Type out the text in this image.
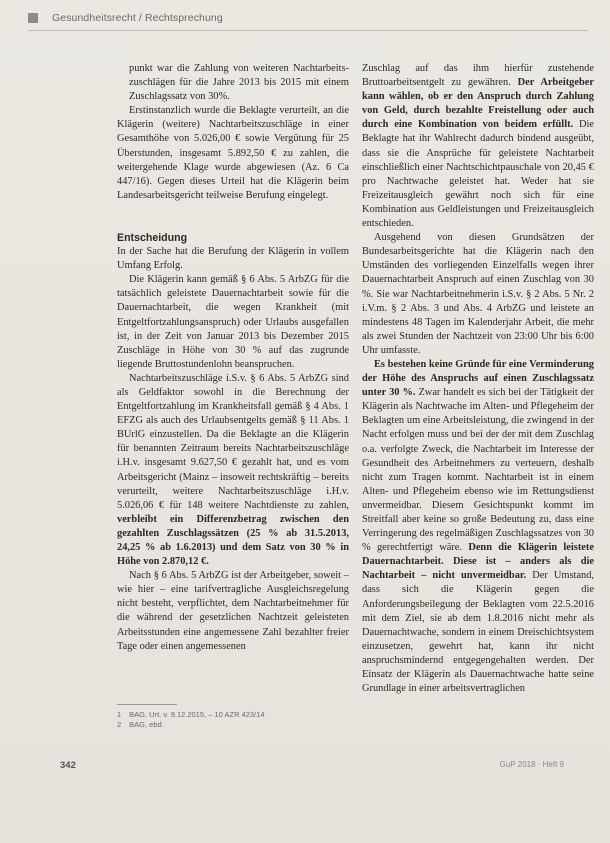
Gesundheitsrecht / Rechtsprechung

punkt war die Zahlung von weiteren Nachtarbeits-zuschlägen für die Jahre 2013 bis 2015 mit einem Zuschlagssatz von 30%.

Erstinstanzlich wurde die Beklagte verurteilt, an die Klägerin (weitere) Nachtarbeitszuschläge in einer Gesamthöhe von 5.026,00 € sowie Vergütung für 25 Überstunden, insgesamt 5.892,50 € zu zahlen, die weitergehende Klage wurde abgewiesen (Az. 6 Ca 447/16). Gegen dieses Urteil hat die Klägerin beim Landesarbeitsgericht teilweise Berufung eingelegt.

Entscheidung

In der Sache hat die Berufung der Klägerin in vollem Umfang Erfolg.

Die Klägerin kann gemäß § 6 Abs. 5 ArbZG für die tatsächlich geleistete Dauernachtarbeit sowie für die Dauernachtarbeit, die wegen Krankheit (mit Entgeltfortzahlungsanspruch) oder Urlaubs ausgefallen ist, in der Zeit von Januar 2013 bis Dezember 2015 Zuschläge in Höhe von 30 % auf das zugrunde liegende Bruttostundenlohn beanspruchen.

Nachtarbeitszuschläge i.S.v. § 6 Abs. 5 ArbZG sind als Geldfaktor sowohl in die Berechnung der Entgeltfortzahlung im Krankheitsfall gemäß § 4 Abs. 1 EFZG als auch des Urlaubsentgelts gemäß § 11 Abs. 1 BUrlG einzustellen. Da die Beklagte an die Klägerin für benannten Zeitraum bereits Nachtarbeitszuschläge i.H.v. insgesamt 9.627,50 € gezahlt hat, und es vom Arbeitsgericht (Mainz – insoweit rechtskräftig – bereits verurteilt, weitere Nachtarbeitszuschläge i.H.v. 5.026,06 € für 148 weitere Nachtdienste zu zahlen, verbleibt ein Differenzbetrag zwischen den gezahlten Zuschlagssätzen (25 % ab 31.5.2013, 24,25 % ab 1.6.2013) und dem Satz von 30 % in Höhe von 2.870,12 €.

Nach § 6 Abs. 5 ArbZG ist der Arbeitgeber, soweit – wie hier – eine tarifvertragliche Ausgleichsregelung nicht besteht, verpflichtet, dem Nachtarbeitnehmer für die während der gesetzlichen Nachtzeit geleisteten Arbeitsstunden eine angemessene Zahl bezahlter freier Tage oder einen angemessenen

Zuschlag auf das ihm hierfür zustehende Bruttoarbeitsentgelt zu gewähren. Der Arbeitgeber kann wählen, ob er den Anspruch durch Zahlung von Geld, durch bezahlte Freistellung oder auch durch eine Kombination von beidem erfüllt. Die Beklagte hat ihr Wahlrecht dadurch bindend ausgeübt, dass sie die Ansprüche für geleistete Nachtarbeit einschließlich einer Nachtschichtpauschale von 20,45 € pro Nachtwache geleistet hat. Weder hat sie Freizeitausgleich gewährt noch sich für eine Kombination aus Geldleistungen und Freizeitausgleich entschieden.

Ausgehend von diesen Grundsätzen der Bundesarbeitsgerichte hat die Klägerin nach den Umständen des vorliegenden Einzelfalls wegen ihrer Dauernachtarbeit Anspruch auf einen Zuschlag von 30 %. Sie war Nachtarbeitnehmerin i.S.v. § 2 Abs. 5 Nr. 2 i.V.m. § 2 Abs. 3 und Abs. 4 ArbZG und leistete an mindestens 48 Tagen im Kalenderjahr Arbeit, die mehr als zwei Stunden der Nachtzeit von 23:00 Uhr bis 6:00 Uhr umfasste.

Es bestehen keine Gründe für eine Verminderung der Höhe des Anspruchs auf einen Zuschlagssatz unter 30 %. Zwar handelt es sich bei der Tätigkeit der Klägerin als Nachtwache im Alten- und Pflegeheim der Beklagten um eine Arbeitsleistung, die zwingend in der Nacht erfolgen muss und bei der der mit dem Zuschlag o.a. verfolgte Zweck, die Nachtarbeit im Interesse der Gesundheit des Arbeitnehmers zu verteuern, deshalb nicht zum Tragen kommt. Nachtarbeit ist in einem Alten- und Pflegeheim ebenso wie im Rettungsdienst unvermeidbar. Diesem Gesichtspunkt kommt im Streitfall aber keine so große Bedeutung zu, dass eine Verringerung des regelmäßigen Zuschlagssatzes von 30 % gerechtfertigt wäre. Denn die Klägerin leistete Dauernachtarbeit. Diese ist – anders als die Nachtarbeit – nicht unvermeidbar. Der Umstand, dass sich die Klägerin gegen die Anforderungsbeilegung der Beklagten vom 22.5.2016 mit dem Ziel, sie ab dem 1.8.2016 nicht mehr als Dauernachtwache, sondern in einem Dreischichtsystem einzusetzen, gewehrt hat, kann ihr nicht anspruchsmindernd entgegengehalten werden. Der Einsatz der Klägerin als Dauernachtwache hatte seine Grundlage in einer arbeitsvertraglichen

1 BAG, Urt. v. 9.12.2015, – 10 AZR 423/14
2 BAG, ebd.
342	GuP 2018 · Heft 9
